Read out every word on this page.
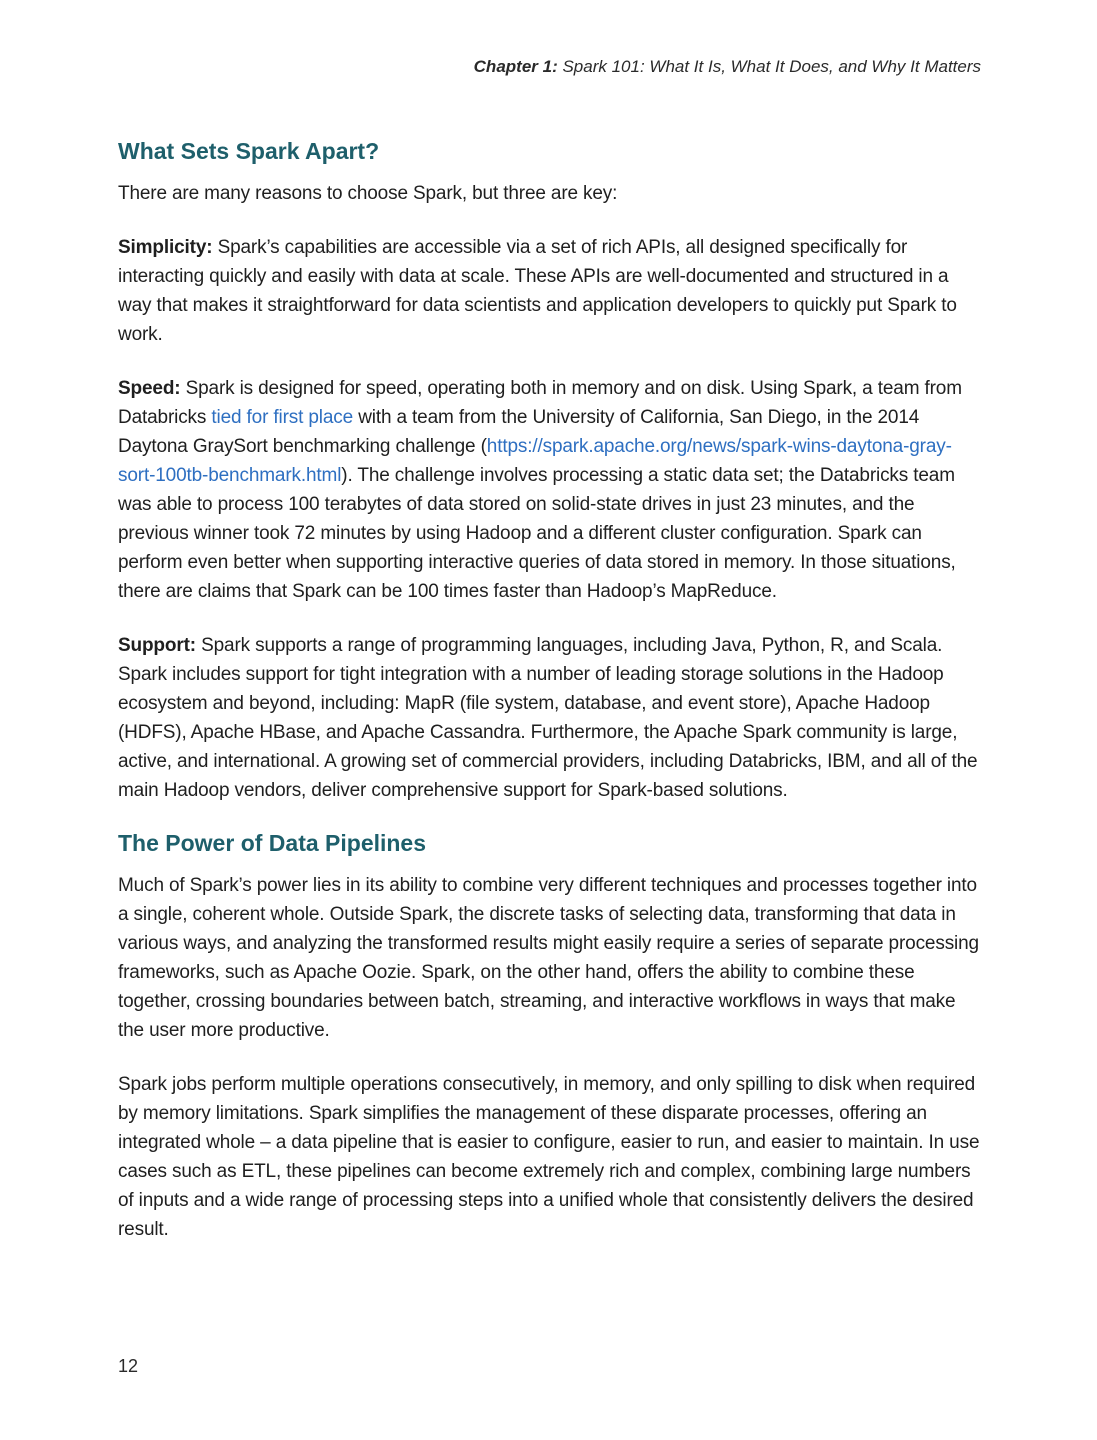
Chapter 1: Spark 101: What It Is, What It Does, and Why It Matters
What Sets Spark Apart?

There are many reasons to choose Spark, but three are key:

Simplicity: Spark’s capabilities are accessible via a set of rich APIs, all designed specifically for interacting quickly and easily with data at scale. These APIs are well-documented and structured in a way that makes it straightforward for data scientists and application developers to quickly put Spark to work.

Speed: Spark is designed for speed, operating both in memory and on disk. Using Spark, a team from Databricks tied for first place with a team from the University of California, San Diego, in the 2014 Daytona GraySort benchmarking challenge (https://spark.apache.org/news/spark-wins-daytona-gray-sort-100tb-benchmark.html). The challenge involves processing a static data set; the Databricks team was able to process 100 terabytes of data stored on solid-state drives in just 23 minutes, and the previous winner took 72 minutes by using Hadoop and a different cluster configuration. Spark can perform even better when supporting interactive queries of data stored in memory. In those situations, there are claims that Spark can be 100 times faster than Hadoop’s MapReduce.

Support: Spark supports a range of programming languages, including Java, Python, R, and Scala. Spark includes support for tight integration with a number of leading storage solutions in the Hadoop ecosystem and beyond, including: MapR (file system, database, and event store), Apache Hadoop (HDFS), Apache HBase, and Apache Cassandra. Furthermore, the Apache Spark community is large, active, and international. A growing set of commercial providers, including Databricks, IBM, and all of the main Hadoop vendors, deliver comprehensive support for Spark-based solutions.

The Power of Data Pipelines

Much of Spark’s power lies in its ability to combine very different techniques and processes together into a single, coherent whole. Outside Spark, the discrete tasks of selecting data, transforming that data in various ways, and analyzing the transformed results might easily require a series of separate processing frameworks, such as Apache Oozie. Spark, on the other hand, offers the ability to combine these together, crossing boundaries between batch, streaming, and interactive workflows in ways that make the user more productive.

Spark jobs perform multiple operations consecutively, in memory, and only spilling to disk when required by memory limitations. Spark simplifies the management of these disparate processes, offering an integrated whole – a data pipeline that is easier to configure, easier to run, and easier to maintain. In use cases such as ETL, these pipelines can become extremely rich and complex, combining large numbers of inputs and a wide range of processing steps into a unified whole that consistently delivers the desired result.

12
